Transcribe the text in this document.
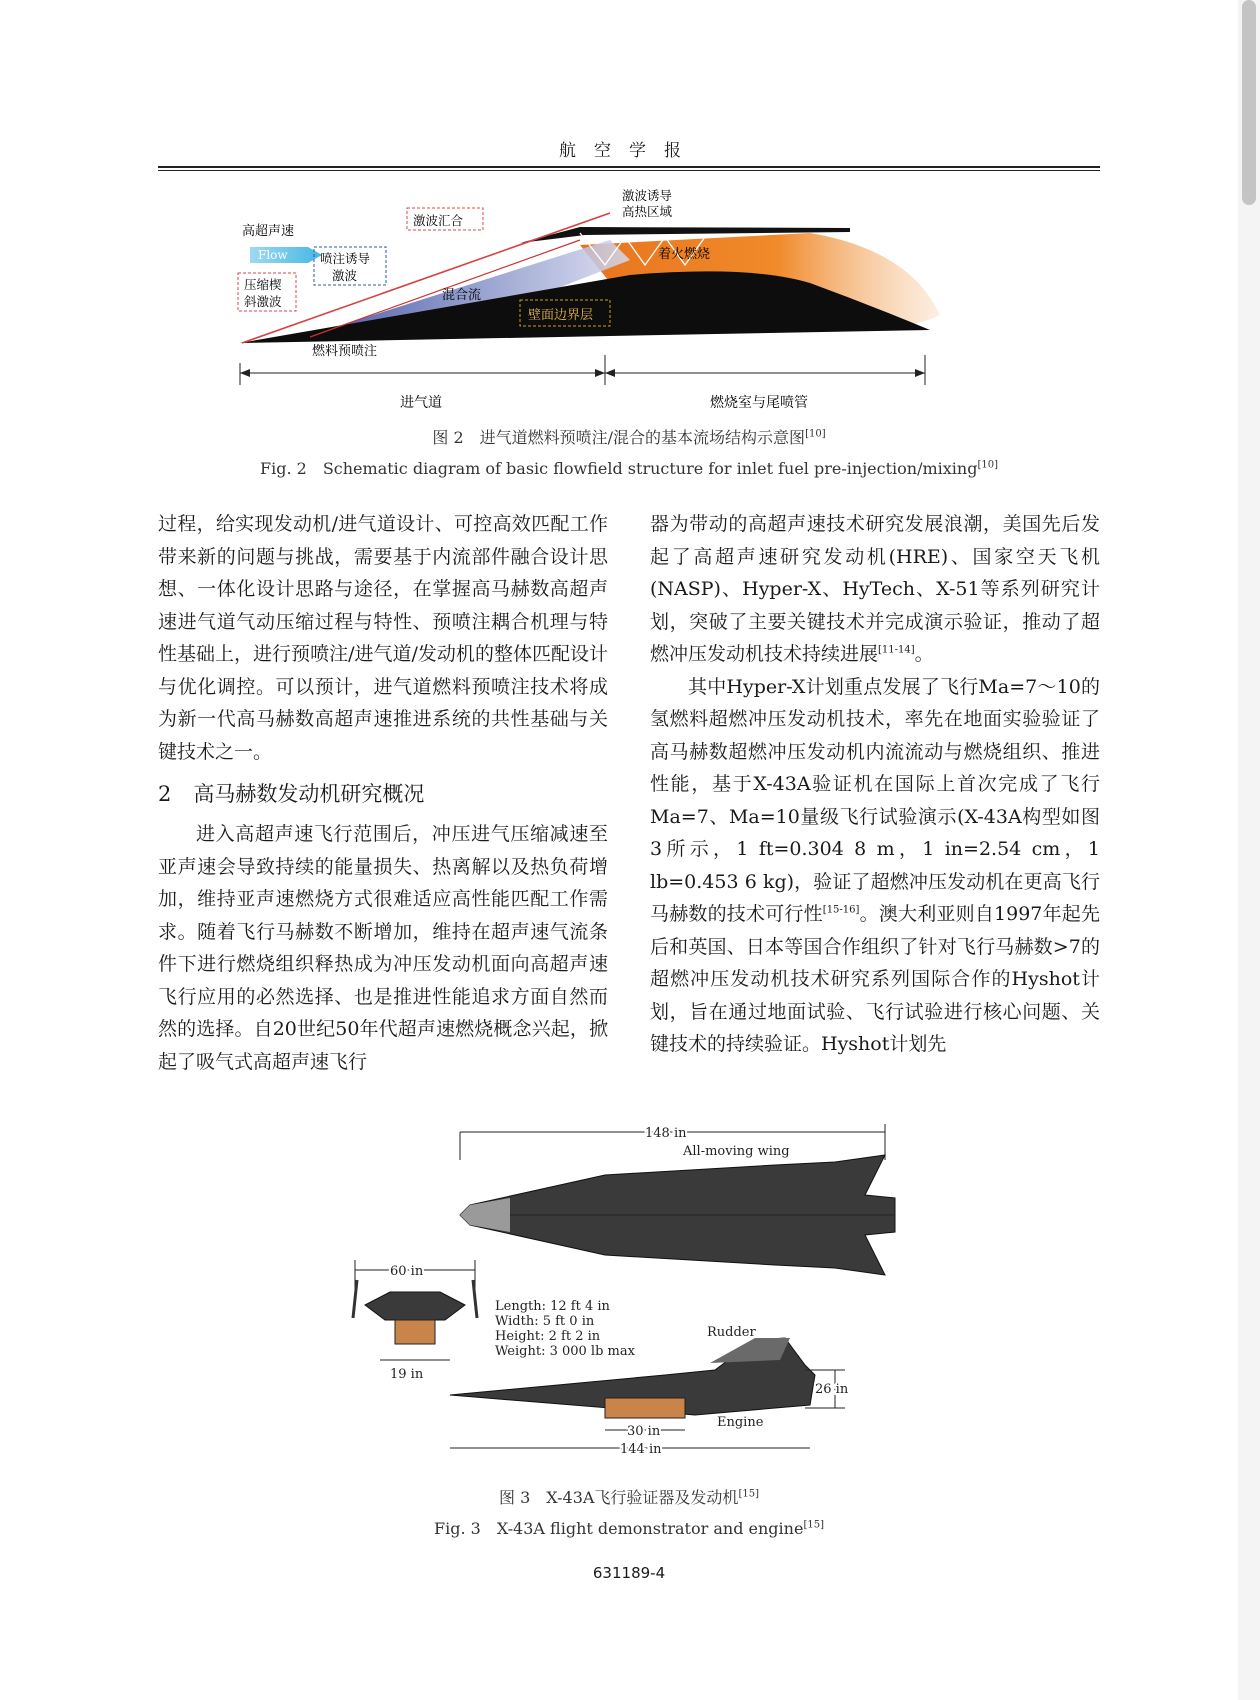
航空学报
Flow
高超声速
压缩楔
斜激波
喷注诱导
激波
激波汇合
激波诱导
高热区域
着火燃烧
混合流
壁面边界层
燃料预喷注
进气道	燃烧室与尾喷管
图 2　进气道燃料预喷注/混合的基本流场结构示意图[10]
Fig. 2　Schematic diagram of basic flowfield structure for inlet fuel pre-injection/mixing[10]

过程，给实现发动机/进气道设计、可控高效匹配工作带来新的问题与挑战，需要基于内流部件融合设计思想、一体化设计思路与途径，在掌握高马赫数高超声速进气道气动压缩过程与特性、预喷注耦合机理与特性基础上，进行预喷注/进气道/发动机的整体匹配设计与优化调控。可以预计，进气道燃料预喷注技术将成为新一代高马赫数高超声速推进系统的共性基础与关键技术之一。

2 高马赫数发动机研究概况

进入高超声速飞行范围后，冲压进气压缩减速至亚声速会导致持续的能量损失、热离解以及热负荷增加，维持亚声速燃烧方式很难适应高性能匹配工作需求。随着飞行马赫数不断增加，维持在超声速气流条件下进行燃烧组织释热成为冲压发动机面向高超声速飞行应用的必然选择、也是推进性能追求方面自然而然的选择。自20世纪50年代超声速燃烧概念兴起，掀起了吸气式高超声速飞行

器为带动的高超声速技术研究发展浪潮，美国先后发起了高超声速研究发动机(HRE)、国家空天飞机(NASP)、Hyper-X、HyTech、X-51等系列研究计划，突破了主要关键技术并完成演示验证，推动了超燃冲压发动机技术持续进展[11-14]。

其中Hyper-X计划重点发展了飞行Ma=7～10的氢燃料超燃冲压发动机技术，率先在地面实验验证了高马赫数超燃冲压发动机内流流动与燃烧组织、推进性能，基于X-43A验证机在国际上首次完成了飞行Ma=7、Ma=10量级飞行试验演示(X-43A构型如图3所示，1 ft=0.304 8 m，1 in=2.54 cm，1 lb=0.453 6 kg)，验证了超燃冲压发动机在更高飞行马赫数的技术可行性[15-16]。澳大利亚则自1997年起先后和英国、日本等国合作组织了针对飞行马赫数>7的超燃冲压发动机技术研究系列国际合作的Hyshot计划，旨在通过地面试验、飞行试验进行核心问题、关键技术的持续验证。Hyshot计划先

148 in
All-moving wing
60 in
19 in
Length: 12 ft 4 in
Width: 5 ft 0 in
Height: 2 ft 2 in
Weight: 3 000 lb max
Rudder
26 in
Engine
30 in
144 in
图 3　X-43A飞行验证器及发动机[15]
Fig. 3　X-43A flight demonstrator and engine[15]
631189-4
